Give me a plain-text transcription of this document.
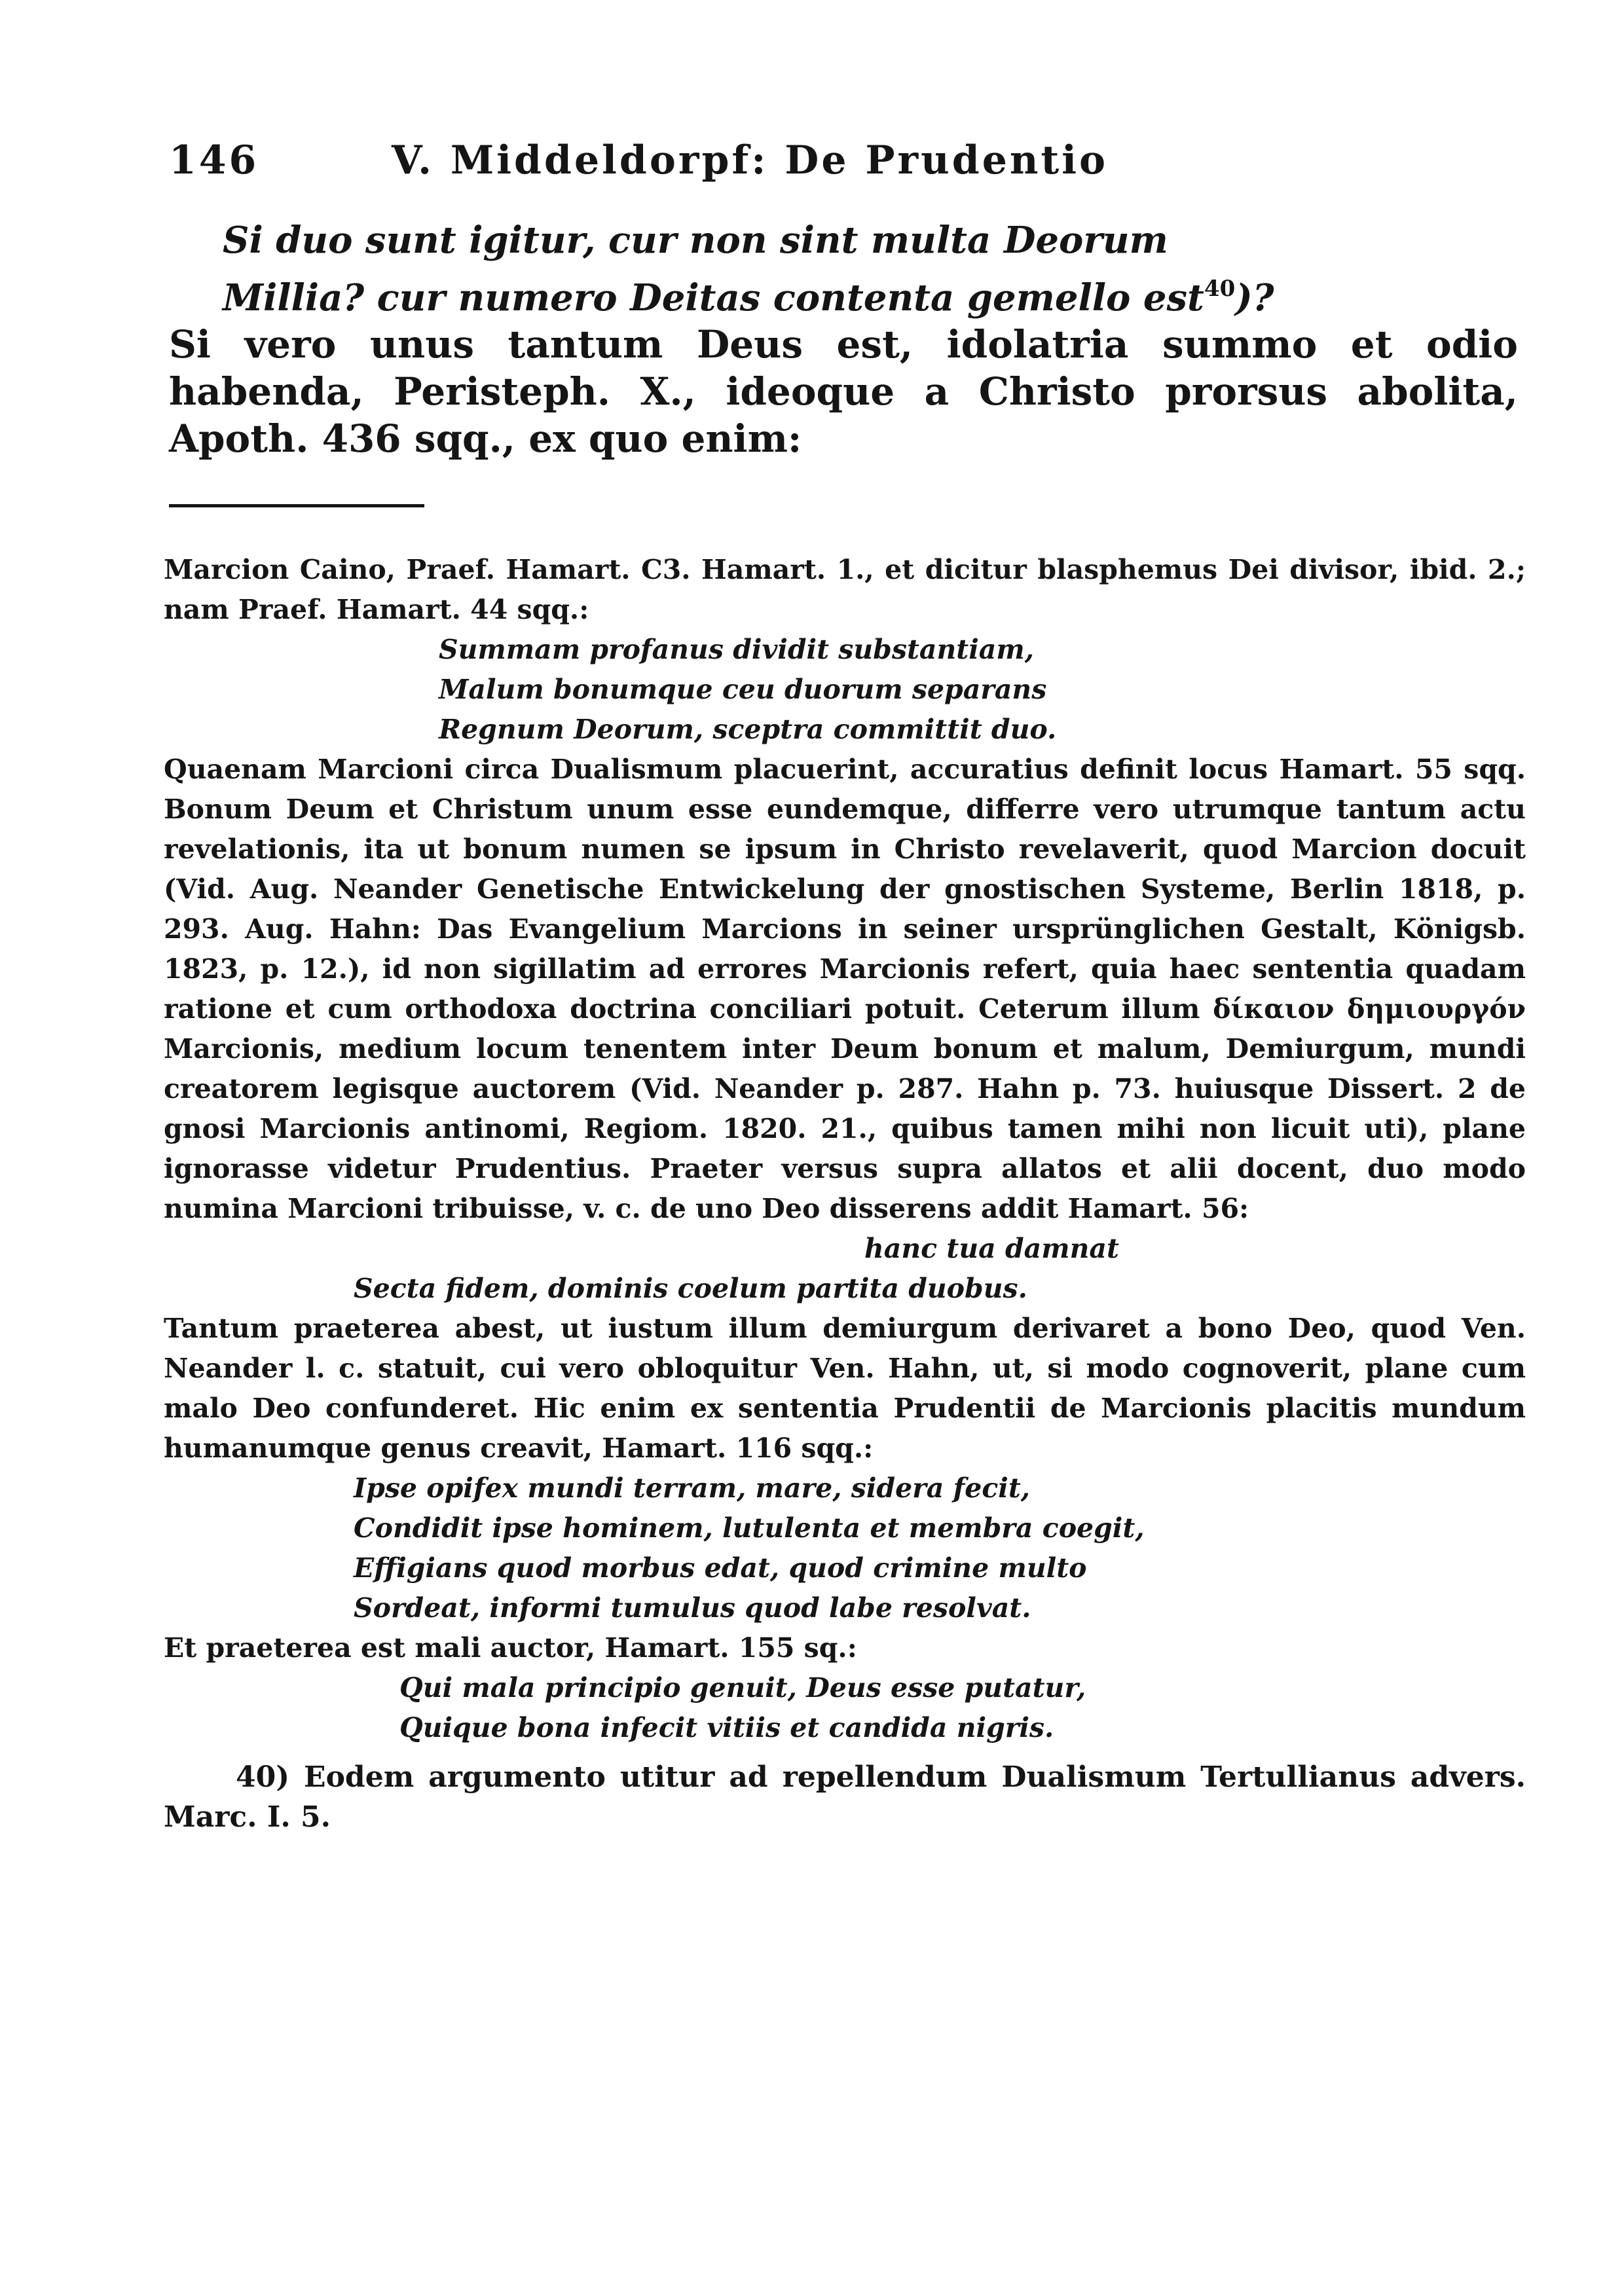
146	V. Middeldorpf: De Prudentio
Si duo sunt igitur, cur non sint multa Deorum
Millia? cur numero Deitas contenta gemello est$^{40}$)?
Si vero unus tantum Deus est, idolatria summo et odio habenda, Peristeph. X., ideoque a Christo prorsus abolita, Apoth. 436 sqq., ex quo enim:

Marcion Caino, Praef. Hamart. C3. Hamart. 1., et dicitur blasphemus Dei divisor, ibid. 2.; nam Praef. Hamart. 44 sqq.:

Summam profanus dividit substantiam,
Malum bonumque ceu duorum separans
Regnum Deorum, sceptra committit duo.

Quaenam Marcioni circa Dualismum placuerint, accuratius definit locus Hamart. 55 sqq. Bonum Deum et Christum unum esse eundemque, differre vero utrumque tantum actu revelationis, ita ut bonum numen se ipsum in Christo revelaverit, quod Marcion docuit (Vid. Aug. Neander Genetische Entwickelung der gnostischen Systeme, Berlin 1818, p. 293. Aug. Hahn: Das Evangelium Marcions in seiner ursprünglichen Gestalt, Königsb. 1823, p. 12.), id non sigillatim ad errores Marcionis refert, quia haec sententia quadam ratione et cum orthodoxa doctrina conciliari potuit. Ceterum illum δίκαιον δημιουργόν Marcionis, medium locum tenentem inter Deum bonum et malum, Demiurgum, mundi creatorem legisque auctorem (Vid. Neander p. 287. Hahn p. 73. huiusque Dissert. 2 de gnosi Marcionis antinomi, Regiom. 1820. 21., quibus tamen mihi non licuit uti), plane ignorasse videtur Prudentius. Praeter versus supra allatos et alii docent, duo modo numina Marcioni tribuisse, v. c. de uno Deo disserens addit Hamart. 56:

hanc tua damnat
Secta fidem, dominis coelum partita duobus.

Tantum praeterea abest, ut iustum illum demiurgum derivaret a bono Deo, quod Ven. Neander l. c. statuit, cui vero obloquitur Ven. Hahn, ut, si modo cognoverit, plane cum malo Deo confunderet. Hic enim ex sententia Prudentii de Marcionis placitis mundum humanumque genus creavit, Hamart. 116 sqq.:

Ipse opifex mundi terram, mare, sidera fecit,
Condidit ipse hominem, lutulenta et membra coegit,
Effigians quod morbus edat, quod crimine multo
Sordeat, informi tumulus quod labe resolvat.

Et praeterea est mali auctor, Hamart. 155 sq.:

Qui mala principio genuit, Deus esse putatur,
Quique bona infecit vitiis et candida nigris.

40) Eodem argumento utitur ad repellendum Dualismum Tertullianus advers. Marc. I. 5.
